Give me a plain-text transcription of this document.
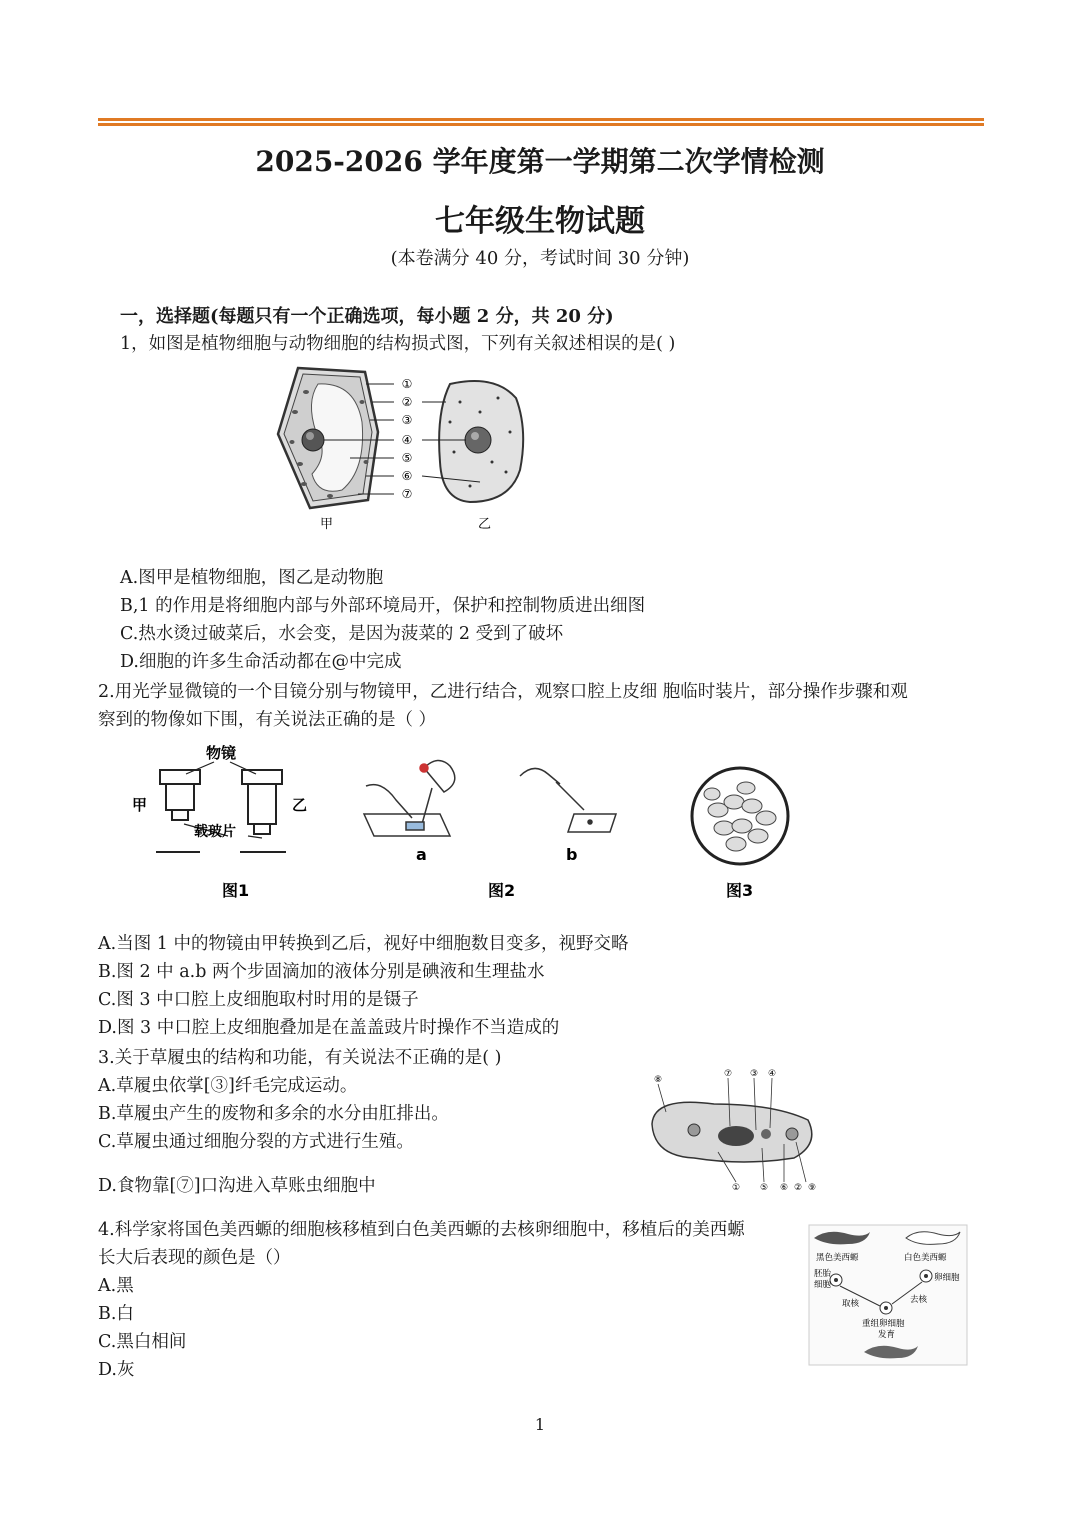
2025-2026 学年度第一学期第二次学情检测
七年级生物试题
(本卷满分 40 分，考试时间 30 分钟)
一，选择题(每题只有一个正确选项，每小题 2 分，共 20 分)
1，如图是植物细胞与动物细胞的结构损式图，下列有关叙述相误的是( )
甲	乙
①
②
③
④
⑤
⑥
⑦
A.图甲是植物细胞，图乙是动物胞
B,1 的作用是将细胞内部与外部环境局开，保护和控制物质进出细图
C.热水烫过破菜后，水会变，是因为菠菜的 2 受到了破坏
D.细胞的许多生命活动都在@中完成
2.用光学显微镜的一个目镜分别与物镜甲，乙进行结合，观察口腔上皮细 胞临时装片，部分操作步骤和观
察到的物像如下围，有关说法正确的是（ ）
物镜
甲	乙
载玻片
图1
a	b
图2	图3
A.当图 1 中的物镜由甲转换到乙后，视好中细胞数目变多，视野交略
B.图 2 中 a.b 两个步固滴加的液体分别是碘液和生理盐水
C.图 3 中口腔上皮细胞取村时用的是镊子
D.图 3 中口腔上皮细胞叠加是在盖盖豉片时操作不当造成的
3.关于草履虫的结构和功能，有关说法不正确的是( )
A.草履虫依掌[③]纤毛完成运动。
B.草履虫产生的废物和多余的水分由肛排出。
C.草履虫通过细胞分裂的方式进行生殖。
D.食物靠[⑦]口沟进入草账虫细胞中
⑧
⑦ ③ ④
① ⑤ ⑥ ② ⑨
4.科学家将国色美西螈的细胞核移植到白色美西螈的去核卵细胞中，移植后的美西螈
长大后表现的颜色是（）
A.黑
B.白
C.黑白相间
D.灰
黑色美西螈	白色美西螈
胚胎
细胞
卵细胞
取核	去核
重组卵细胞
发育
1
